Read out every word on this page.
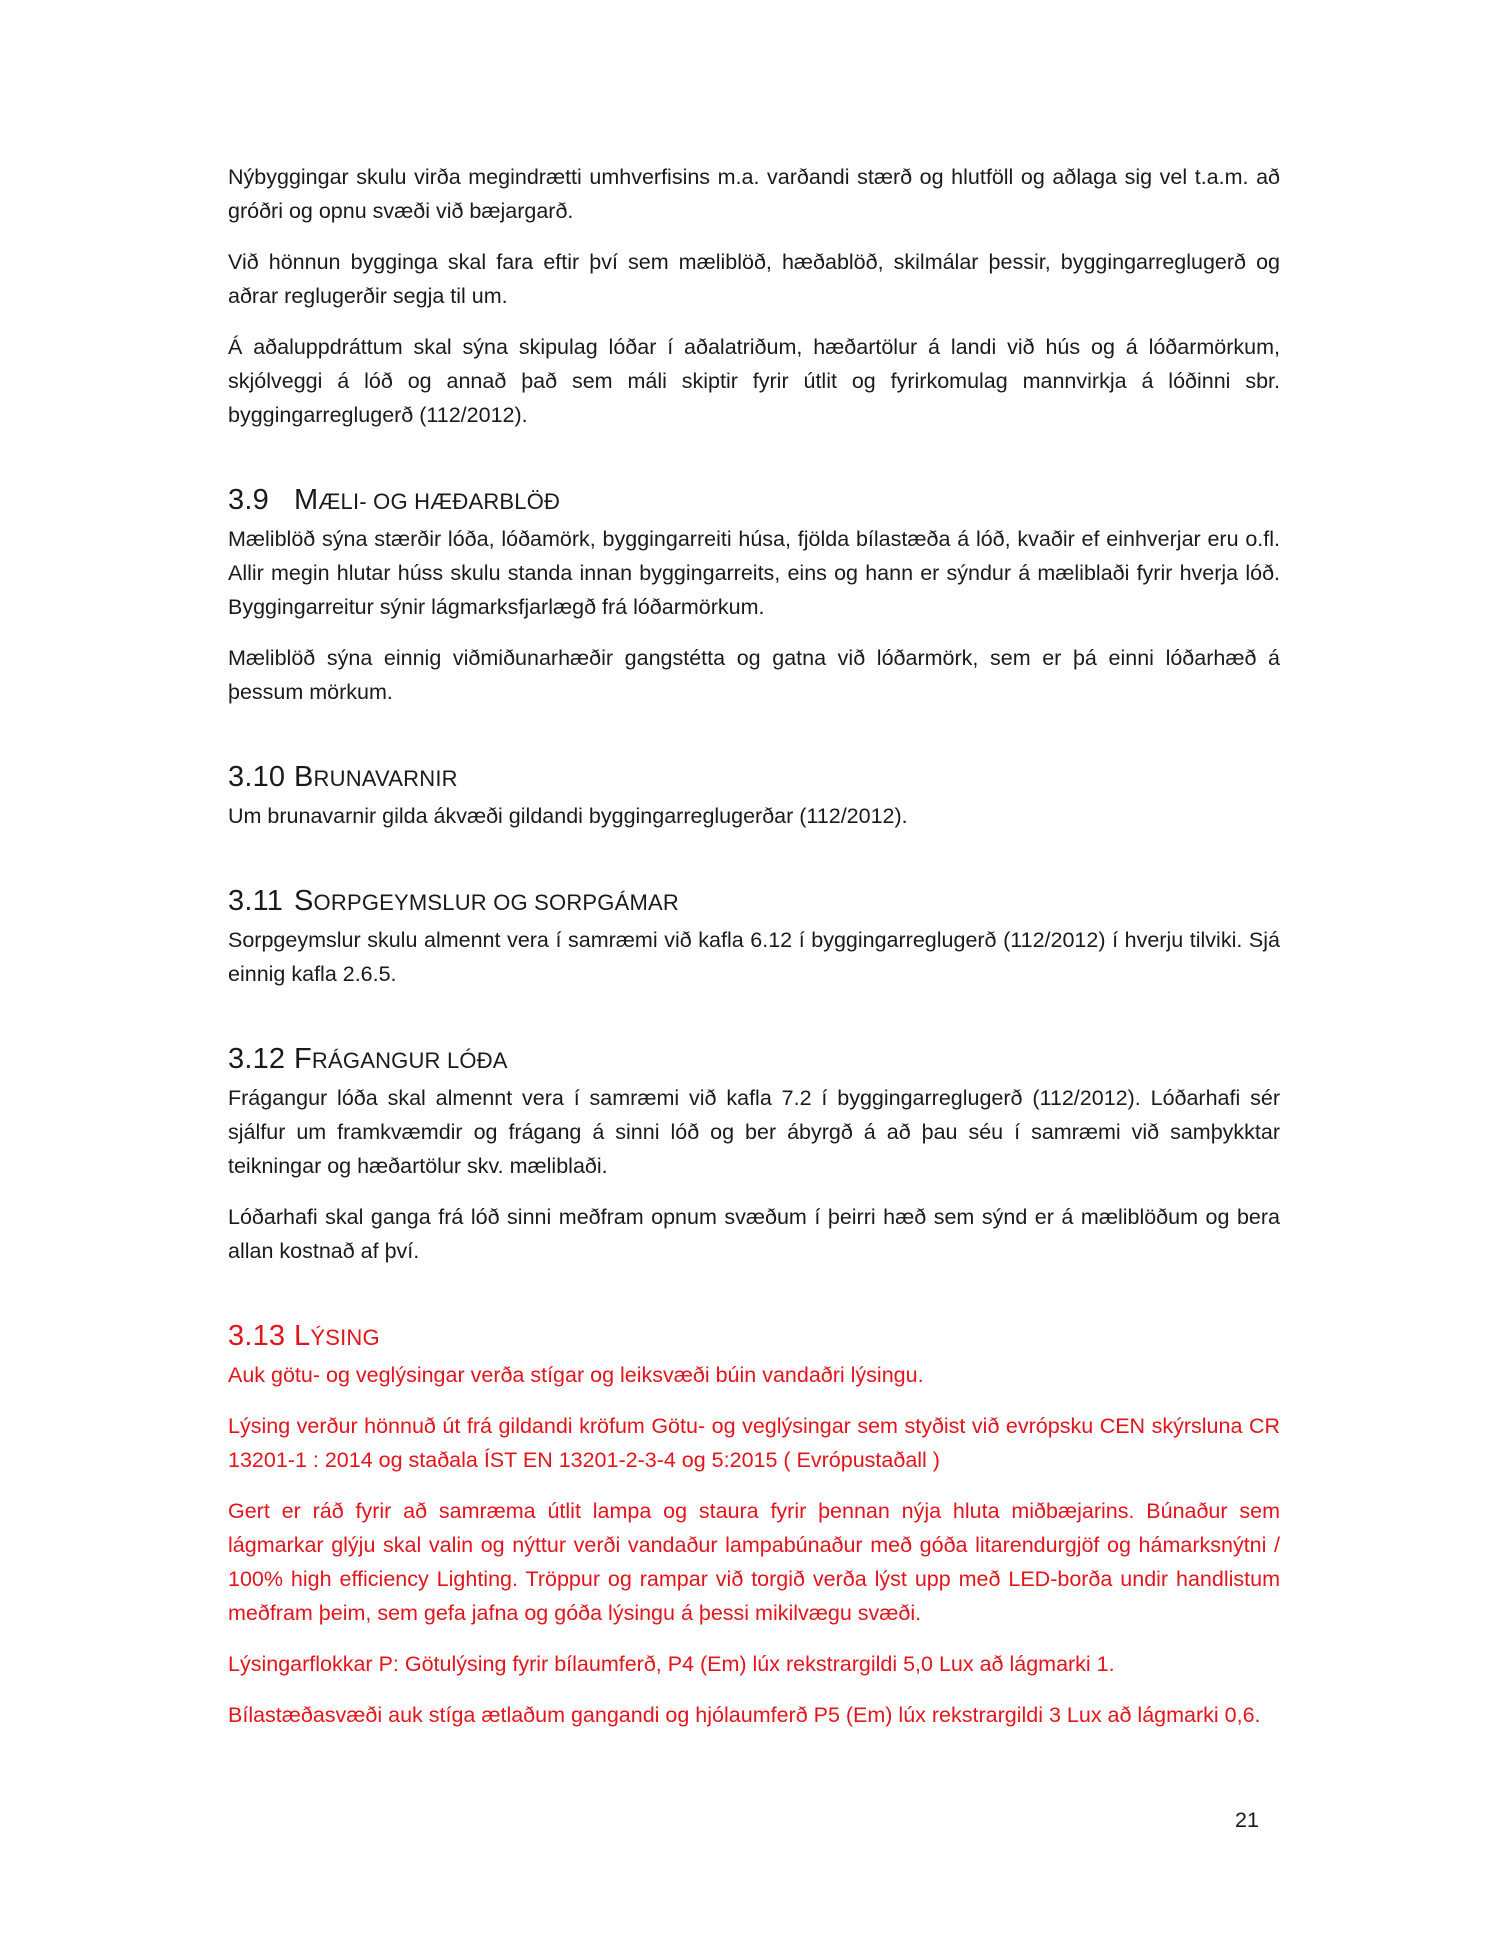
Nýbyggingar skulu virða megindrætti umhverfisins m.a. varðandi stærð og hlutföll og aðlaga sig vel t.a.m. að gróðri og opnu svæði við bæjargarð.

Við hönnun bygginga skal fara eftir því sem mæliblöð, hæðablöð, skilmálar þessir, byggingarreglugerð og aðrar reglugerðir segja til um.

Á aðaluppdráttum skal sýna skipulag lóðar í aðalatriðum, hæðartölur á landi við hús og á lóðarmörkum, skjólveggi á lóð og annað það sem máli skiptir fyrir útlit og fyrirkomulag mannvirkja á lóðinni sbr. byggingarreglugerð (112/2012).

3.9 MÆLI- OG HÆÐARBLÖÐ

Mæliblöð sýna stærðir lóða, lóðamörk, byggingarreiti húsa, fjölda bílastæða á lóð, kvaðir ef einhverjar eru o.fl. Allir megin hlutar húss skulu standa innan byggingarreits, eins og hann er sýndur á mæliblaði fyrir hverja lóð. Byggingarreitur sýnir lágmarksfjarlægð frá lóðarmörkum.

Mæliblöð sýna einnig viðmiðunarhæðir gangstétta og gatna við lóðarmörk, sem er þá einni lóðarhæð á þessum mörkum.

3.10 BRUNAVARNIR

Um brunavarnir gilda ákvæði gildandi byggingarreglugerðar (112/2012).

3.11 SORPGEYMSLUR OG SORPGÁMAR

Sorpgeymslur skulu almennt vera í samræmi við kafla 6.12 í byggingarreglugerð (112/2012) í hverju tilviki. Sjá einnig kafla 2.6.5.

3.12 FRÁGANGUR LÓÐA

Frágangur lóða skal almennt vera í samræmi við kafla 7.2 í byggingarreglugerð (112/2012). Lóðarhafi sér sjálfur um framkvæmdir og frágang á sinni lóð og ber ábyrgð á að þau séu í samræmi við samþykktar teikningar og hæðartölur skv. mæliblaði.

Lóðarhafi skal ganga frá lóð sinni meðfram opnum svæðum í þeirri hæð sem sýnd er á mæliblöðum og bera allan kostnað af því.

3.13 LÝSING

Auk götu- og veglýsingar verða stígar og leiksvæði búin vandaðri lýsingu.

Lýsing verður hönnuð út frá gildandi kröfum Götu- og veglýsingar sem styðist við evrópsku CEN skýrsluna CR 13201-1 : 2014 og staðala ÍST EN 13201-2-3-4 og 5:2015 ( Evrópustaðall )

Gert er ráð fyrir að samræma útlit lampa og staura fyrir þennan nýja hluta miðbæjarins. Búnaður sem lágmarkar glýju skal valin og nýttur verði vandaður lampabúnaður með góða litarendurgjöf og hámarksnýtni / 100% high efficiency Lighting. Tröppur og rampar við torgið verða lýst upp með LED-borða undir handlistum meðfram þeim, sem gefa jafna og góða lýsingu á þessi mikilvægu svæði.

Lýsingarflokkar P: Götulýsing fyrir bílaumferð, P4 (Em) lúx rekstrargildi 5,0 Lux að lágmarki 1.

Bílastæðasvæði auk stíga ætlaðum gangandi og hjólaumferð P5 (Em) lúx rekstrargildi 3 Lux að lágmarki 0,6.

21
